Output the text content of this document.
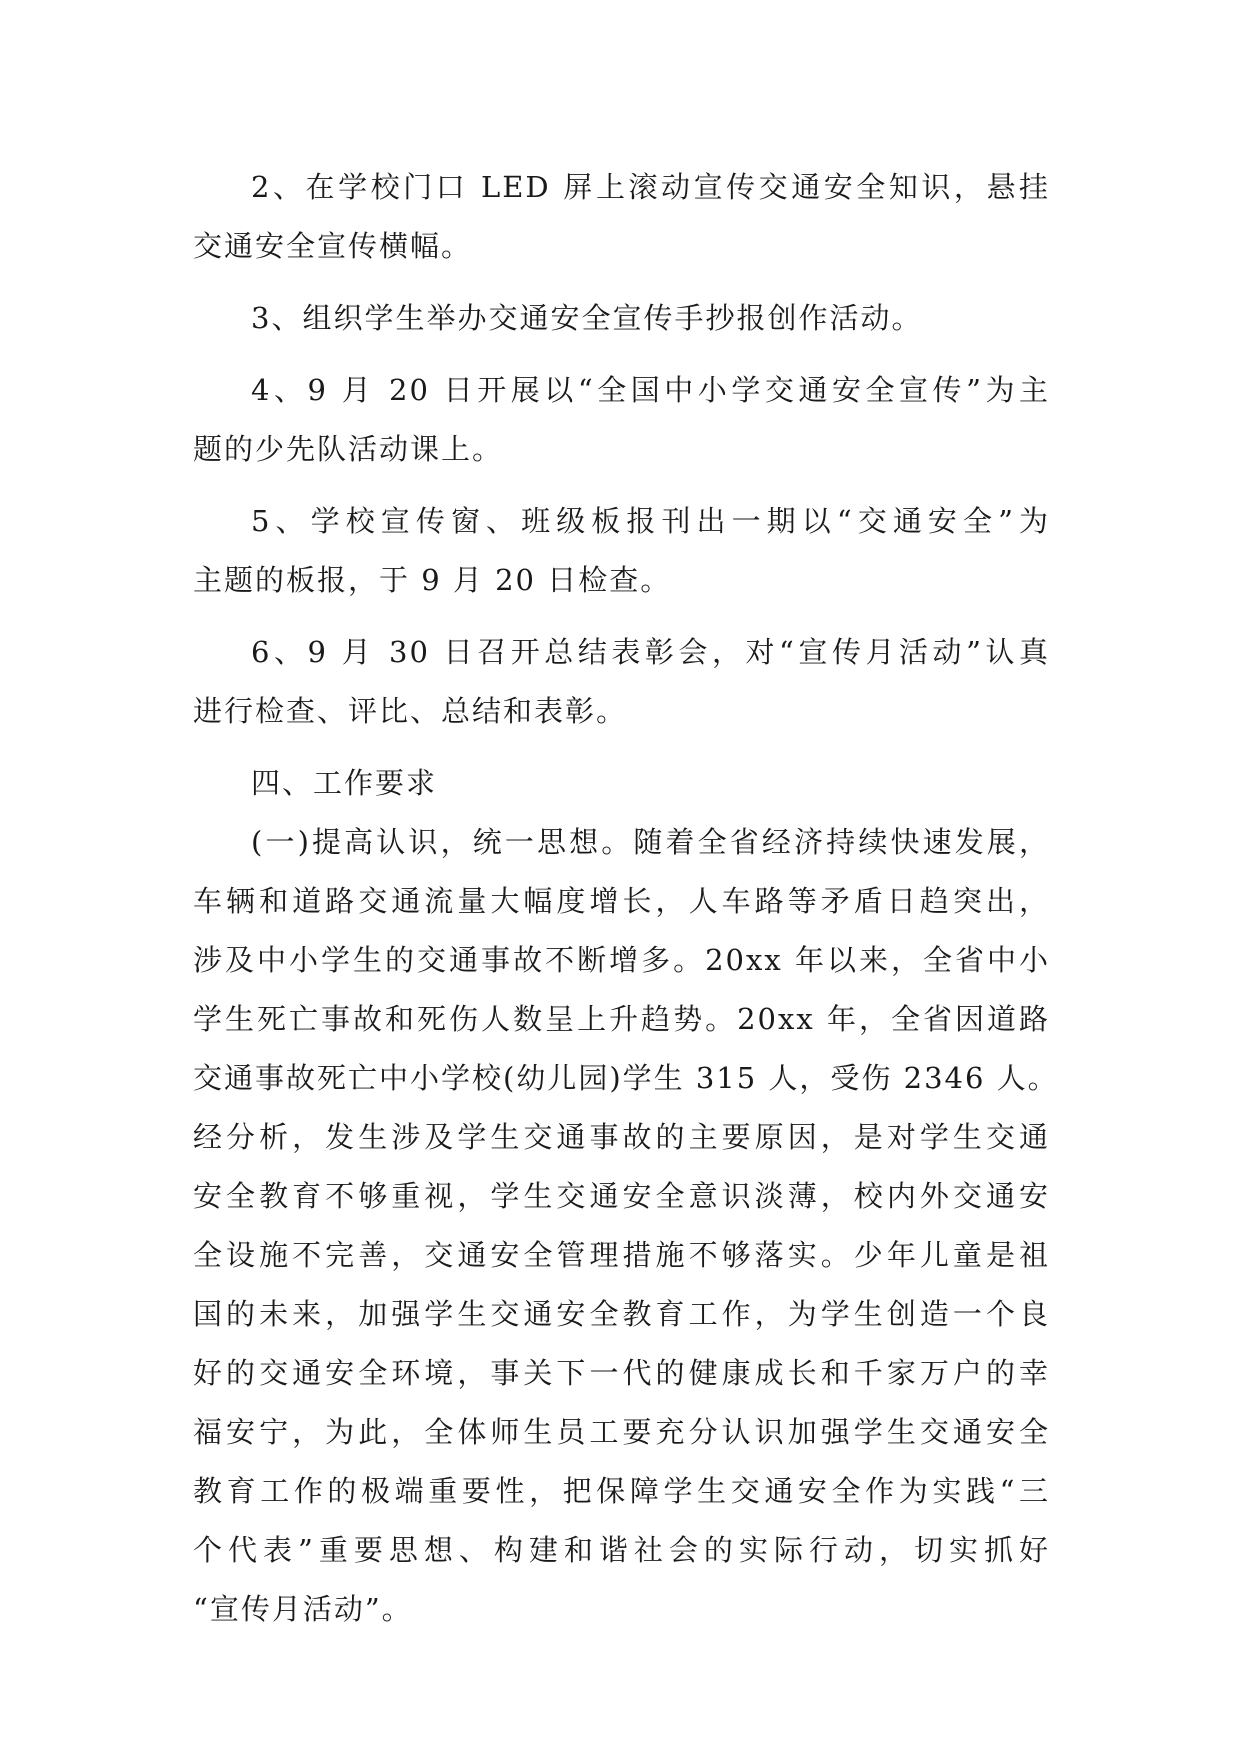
2、在学校门口 LED 屏上滚动宣传交通安全知识，悬挂
交通安全宣传横幅。
3、组织学生举办交通安全宣传手抄报创作活动。
4、9 月 20 日开展以“全国中小学交通安全宣传”为主
题的少先队活动课上。
5、学校宣传窗、班级板报刊出一期以“交通安全”为
主题的板报，于 9 月 20 日检查。
6、9 月 30 日召开总结表彰会，对“宣传月活动”认真
进行检查、评比、总结和表彰。
四、工作要求
(一)提高认识，统一思想。随着全省经济持续快速发展，
车辆和道路交通流量大幅度增长，人车路等矛盾日趋突出，
涉及中小学生的交通事故不断增多。20xx 年以来，全省中小
学生死亡事故和死伤人数呈上升趋势。20xx 年，全省因道路
交通事故死亡中小学校(幼儿园)学生 315 人，受伤 2346 人。
经分析，发生涉及学生交通事故的主要原因，是对学生交通
安全教育不够重视，学生交通安全意识淡薄，校内外交通安
全设施不完善，交通安全管理措施不够落实。少年儿童是祖
国的未来，加强学生交通安全教育工作，为学生创造一个良
好的交通安全环境，事关下一代的健康成长和千家万户的幸
福安宁，为此，全体师生员工要充分认识加强学生交通安全
教育工作的极端重要性，把保障学生交通安全作为实践“三
个代表”重要思想、构建和谐社会的实际行动，切实抓好
“宣传月活动”。
